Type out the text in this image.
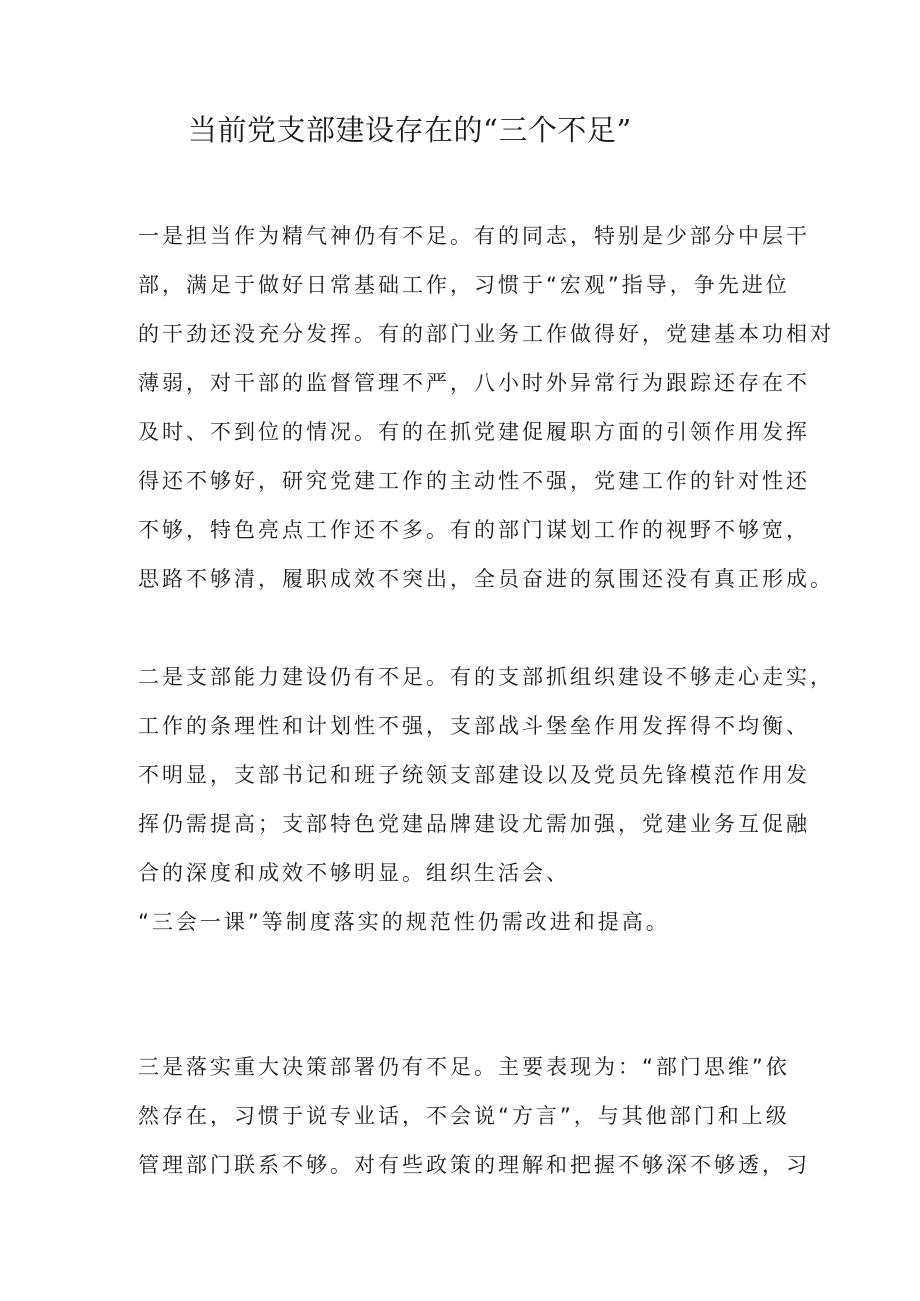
当前党支部建设存在的“三个不足”
一是担当作为精气神仍有不足。有的同志，特别是少部分中层干
部，满足于做好日常基础工作，习惯于“宏观”指导，争先进位
的干劲还没充分发挥。有的部门业务工作做得好，党建基本功相对
薄弱，对干部的监督管理不严，八小时外异常行为跟踪还存在不
及时、不到位的情况。有的在抓党建促履职方面的引领作用发挥
得还不够好，研究党建工作的主动性不强，党建工作的针对性还
不够，特色亮点工作还不多。有的部门谋划工作的视野不够宽，
思路不够清，履职成效不突出，全员奋进的氛围还没有真正形成。
二是支部能力建设仍有不足。有的支部抓组织建设不够走心走实，
工作的条理性和计划性不强，支部战斗堡垒作用发挥得不均衡、
不明显，支部书记和班子统领支部建设以及党员先锋模范作用发
挥仍需提高；支部特色党建品牌建设尤需加强，党建业务互促融
合的深度和成效不够明显。组织生活会、
“三会一课”等制度落实的规范性仍需改进和提高。
三是落实重大决策部署仍有不足。主要表现为：“部门思维”依
然存在，习惯于说专业话，不会说“方言”，与其他部门和上级
管理部门联系不够。对有些政策的理解和把握不够深不够透，习
